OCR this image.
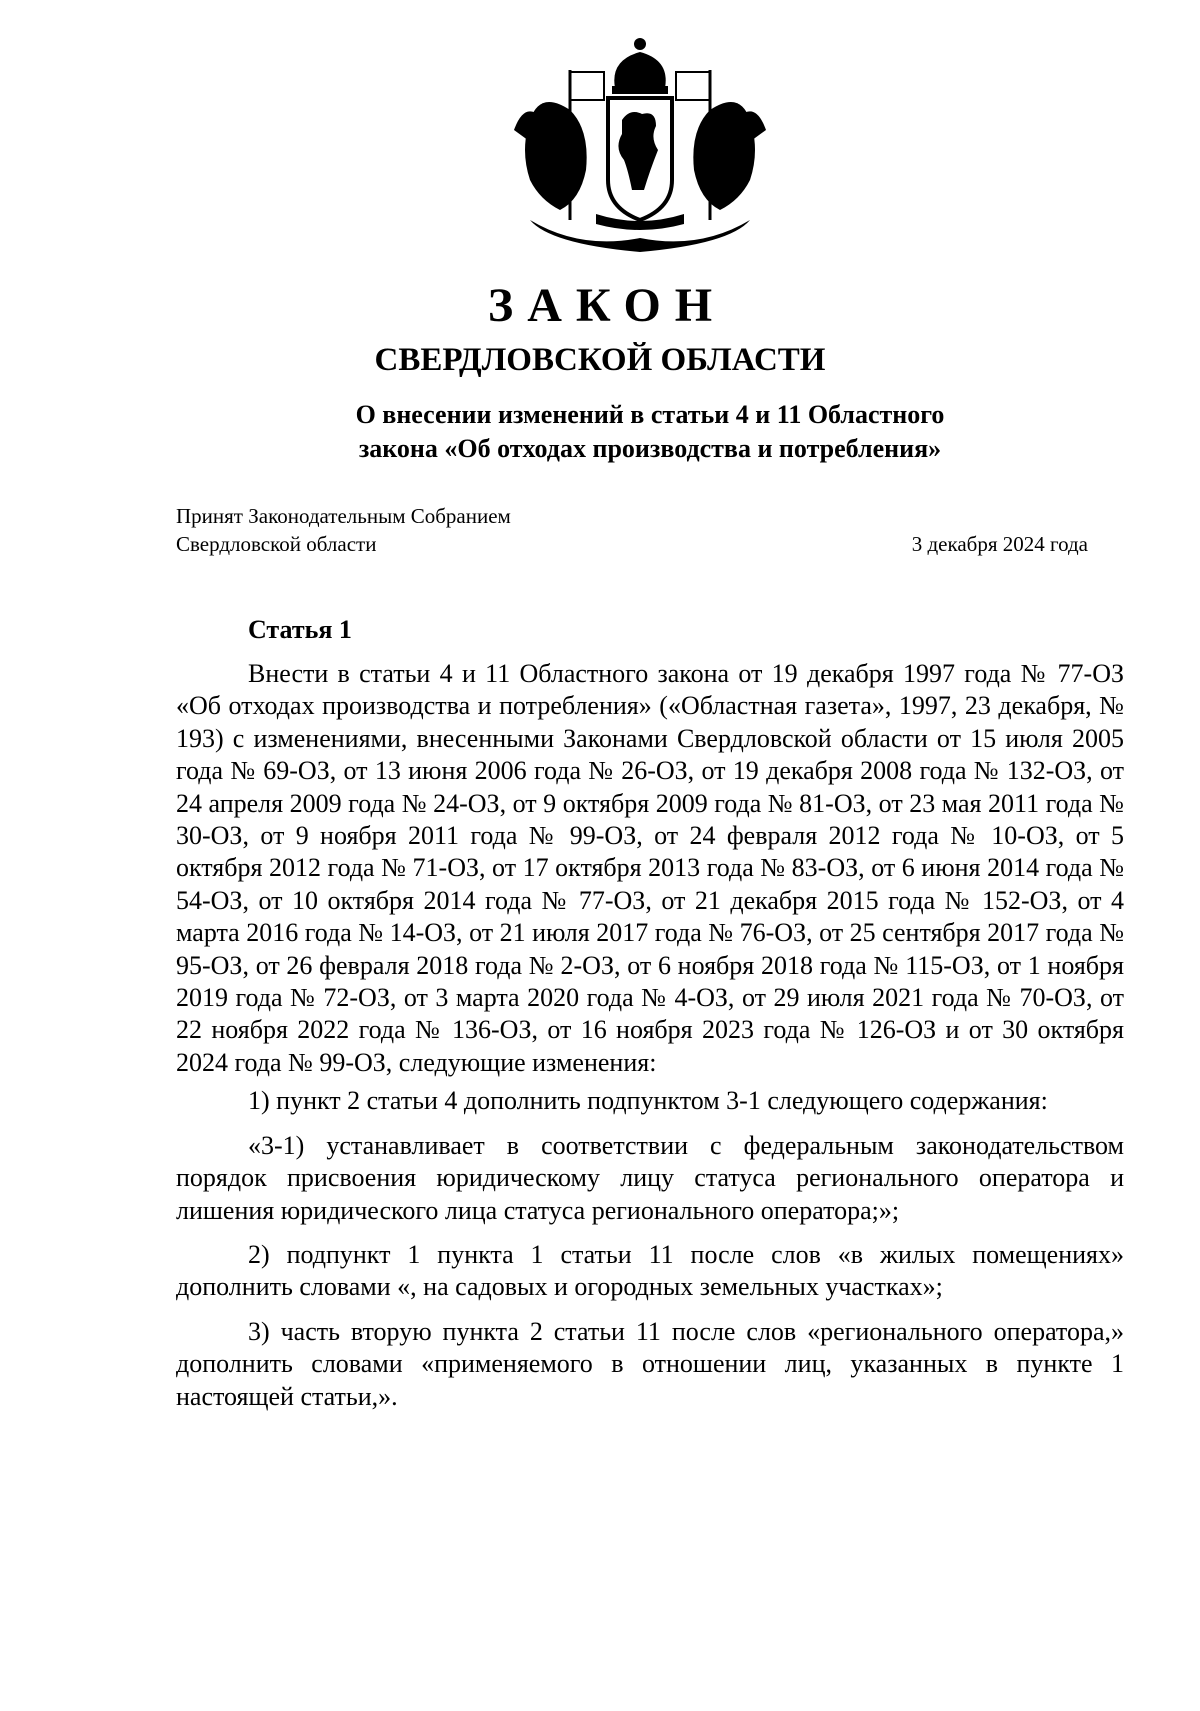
ЗАКОН
СВЕРДЛОВСКОЙ ОБЛАСТИ
О внесении изменений в статьи 4 и 11 Областного
закона «Об отходах производства и потребления»
Принят Законодательным Собранием
Свердловской области	3 декабря 2024 года
Статья 1

Внести в статьи 4 и 11 Областного закона от 19 декабря 1997 года № 77-ОЗ «Об отходах производства и потребления» («Областная газета», 1997, 23 декабря, № 193) с изменениями, внесенными Законами Свердловской области от 15 июля 2005 года № 69-ОЗ, от 13 июня 2006 года № 26-ОЗ, от 19 декабря 2008 года № 132-ОЗ, от 24 апреля 2009 года № 24-ОЗ, от 9 октября 2009 года № 81-ОЗ, от 23 мая 2011 года № 30-ОЗ, от 9 ноября 2011 года № 99-ОЗ, от 24 февраля 2012 года № 10-ОЗ, от 5 октября 2012 года № 71-ОЗ, от 17 октября 2013 года № 83-ОЗ, от 6 июня 2014 года № 54-ОЗ, от 10 октября 2014 года № 77-ОЗ, от 21 декабря 2015 года № 152-ОЗ, от 4 марта 2016 года № 14-ОЗ, от 21 июля 2017 года № 76-ОЗ, от 25 сентября 2017 года № 95-ОЗ, от 26 февраля 2018 года № 2-ОЗ, от 6 ноября 2018 года № 115-ОЗ, от 1 ноября 2019 года № 72-ОЗ, от 3 марта 2020 года № 4-ОЗ, от 29 июля 2021 года № 70-ОЗ, от 22 ноября 2022 года № 136-ОЗ, от 16 ноября 2023 года № 126-ОЗ и от 30 октября 2024 года № 99-ОЗ, следующие изменения:

1) пункт 2 статьи 4 дополнить подпунктом 3-1 следующего содержания:

«3-1) устанавливает в соответствии с федеральным законодательством порядок присвоения юридическому лицу статуса регионального оператора и лишения юридического лица статуса регионального оператора;»;

2) подпункт 1 пункта 1 статьи 11 после слов «в жилых помещениях» дополнить словами «, на садовых и огородных земельных участках»;

3) часть вторую пункта 2 статьи 11 после слов «регионального оператора,» дополнить словами «применяемого в отношении лиц, указанных в пункте 1 настоящей статьи,».
